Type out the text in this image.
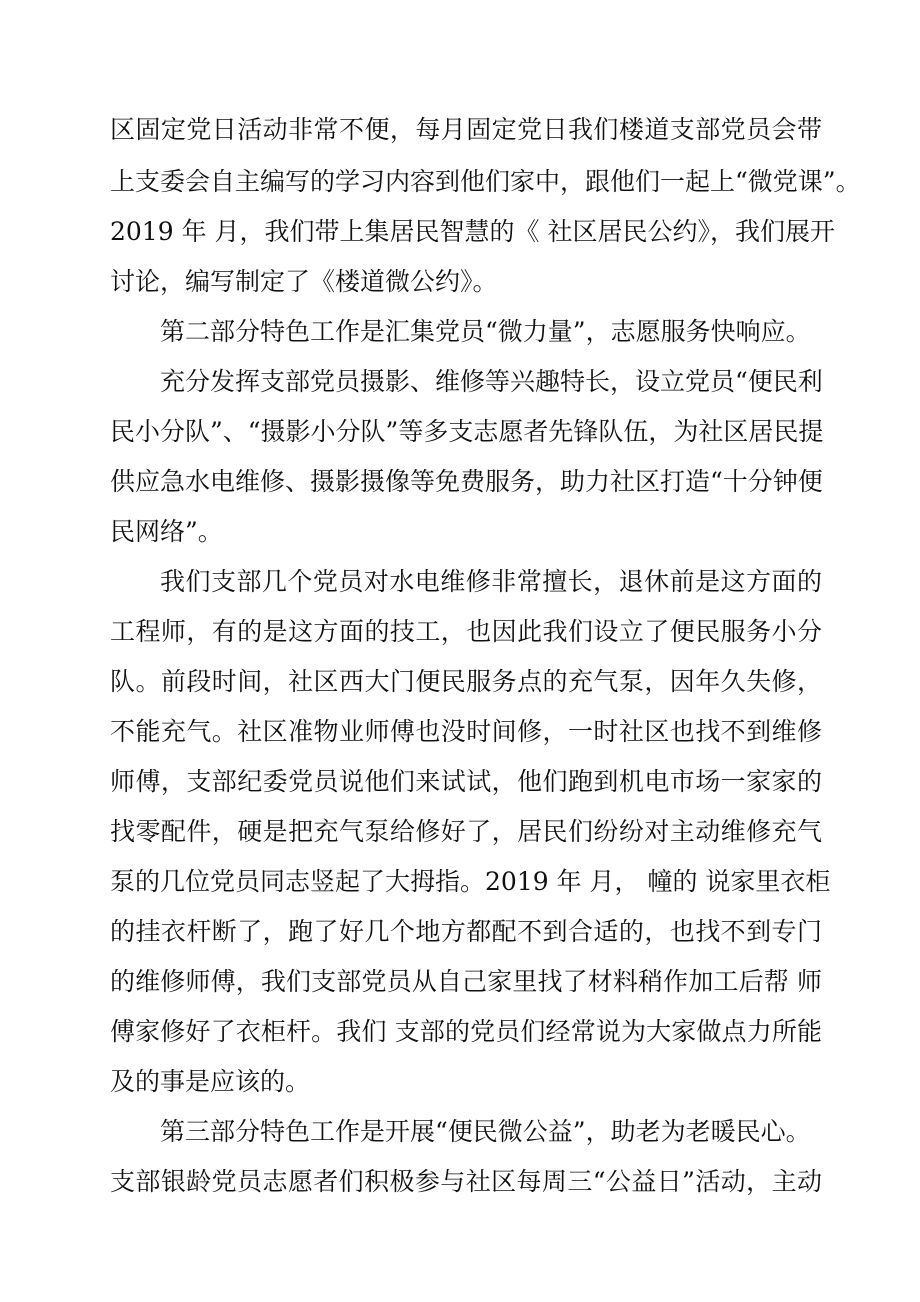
区固定党日活动非常不便，每月固定党日我们楼道支部党员会带
上支委会自主编写的学习内容到他们家中，跟他们一起上“微党课”。
2019 年 月，我们带上集居民智慧的《 社区居民公约》，我们展开
讨论，编写制定了《楼道微公约》。
第二部分特色工作是汇集党员“微力量”，志愿服务快响应。
充分发挥支部党员摄影、维修等兴趣特长，设立党员“便民利
民小分队”、“摄影小分队”等多支志愿者先锋队伍，为社区居民提
供应急水电维修、摄影摄像等免费服务，助力社区打造“十分钟便
民网络”。
我们支部几个党员对水电维修非常擅长，退休前是这方面的
工程师，有的是这方面的技工，也因此我们设立了便民服务小分
队。前段时间，社区西大门便民服务点的充气泵，因年久失修，
不能充气。社区准物业师傅也没时间修，一时社区也找不到维修
师傅，支部纪委党员说他们来试试，他们跑到机电市场一家家的
找零配件，硬是把充气泵给修好了，居民们纷纷对主动维修充气
泵的几位党员同志竖起了大拇指。2019 年 月， 幢的 说家里衣柜
的挂衣杆断了，跑了好几个地方都配不到合适的，也找不到专门
的维修师傅，我们支部党员从自己家里找了材料稍作加工后帮 师
傅家修好了衣柜杆。我们 支部的党员们经常说为大家做点力所能
及的事是应该的。
第三部分特色工作是开展“便民微公益”，助老为老暖民心。
支部银龄党员志愿者们积极参与社区每周三“公益日”活动，主动
